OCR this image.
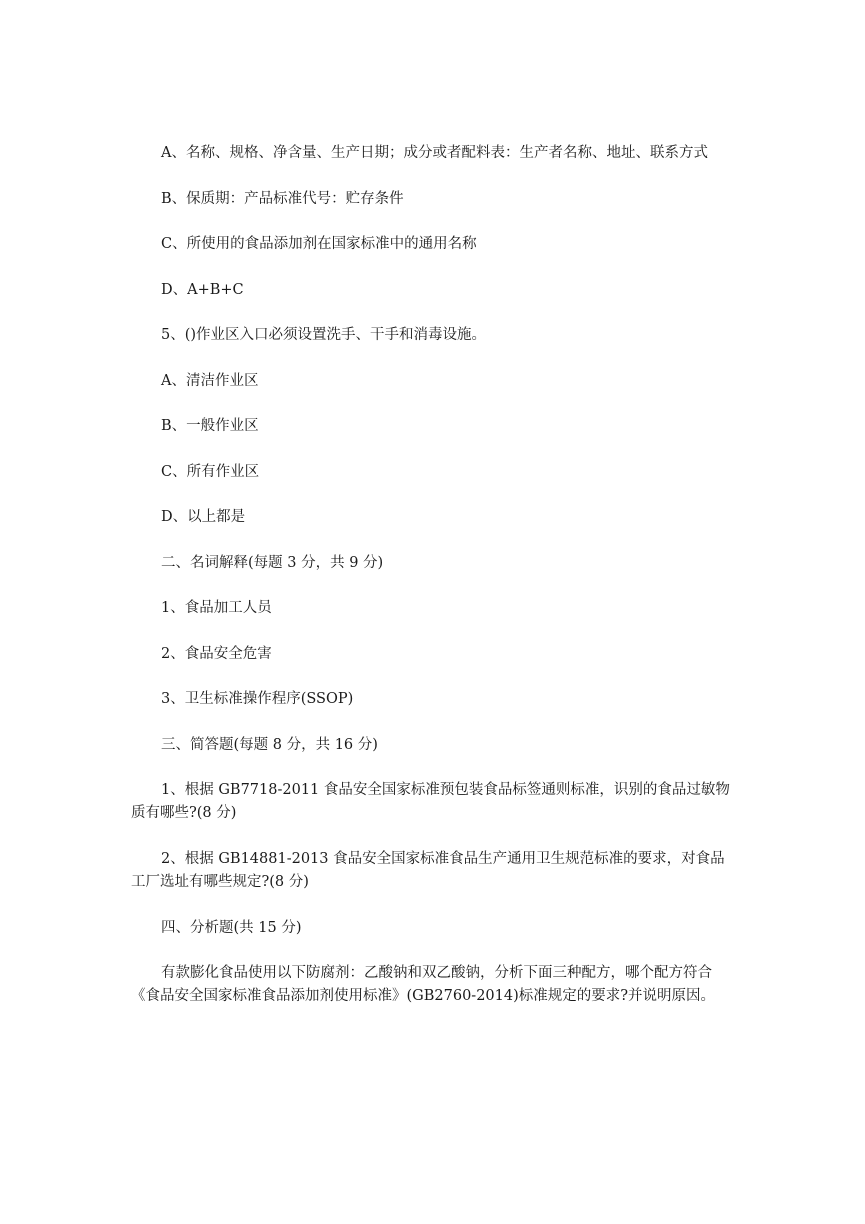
A、名称、规格、净含量、生产日期；成分或者配料表：生产者名称、地址、联系方式

B、保质期：产品标准代号：贮存条件

C、所使用的食品添加剂在国家标准中的通用名称

D、A+B+C

5、()作业区入口必须设置洗手、干手和消毒设施。

A、清洁作业区

B、一般作业区

C、所有作业区

D、以上都是

二、名词解释(每题 3 分，共 9 分)

1、食品加工人员

2、食品安全危害

3、卫生标准操作程序(SSOP)

三、简答题(每题 8 分，共 16 分)

1、根据 GB7718-2011 食品安全国家标准预包装食品标签通则标准，识别的食品过敏物质有哪些?(8 分)

2、根据 GB14881-2013 食品安全国家标准食品生产通用卫生规范标准的要求，对食品工厂选址有哪些规定?(8 分)

四、分析题(共 15 分)

有款膨化食品使用以下防腐剂：乙酸钠和双乙酸钠，分析下面三种配方，哪个配方符合《食品安全国家标准食品添加剂使用标准》(GB2760-2014)标准规定的要求?并说明原因。
